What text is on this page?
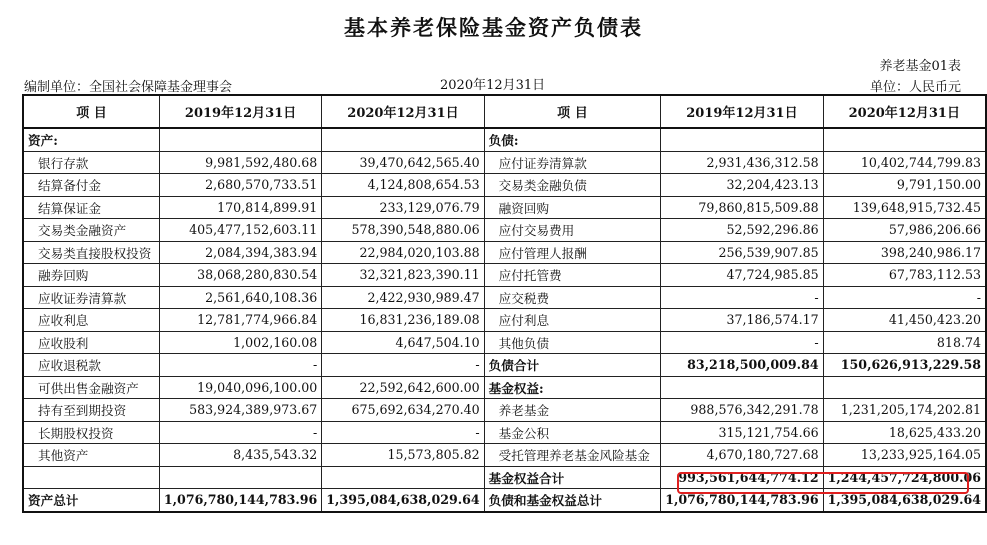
基本养老保险基金资产负债表
养老基金01表
编制单位：全国社会保障基金理事会	2020年12月31日	单位：人民币元
项 目	2019年12月31日	2020年12月31日	项 目	2019年12月31日	2020年12月31日
资产:			负债:		
银行存款	9,981,592,480.68	39,470,642,565.40	应付证券清算款	2,931,436,312.58	10,402,744,799.83
结算备付金	2,680,570,733.51	4,124,808,654.53	交易类金融负债	32,204,423.13	9,791,150.00
结算保证金	170,814,899.91	233,129,076.79	融资回购	79,860,815,509.88	139,648,915,732.45
交易类金融资产	405,477,152,603.11	578,390,548,880.06	应付交易费用	52,592,296.86	57,986,206.66
交易类直接股权投资	2,084,394,383.94	22,984,020,103.88	应付管理人报酬	256,539,907.85	398,240,986.17
融券回购	38,068,280,830.54	32,321,823,390.11	应付托管费	47,724,985.85	67,783,112.53
应收证券清算款	2,561,640,108.36	2,422,930,989.47	应交税费	-	-
应收利息	12,781,774,966.84	16,831,236,189.08	应付利息	37,186,574.17	41,450,423.20
应收股利	1,002,160.08	4,647,504.10	其他负债	-	818.74
应收退税款	-	-	负债合计	83,218,500,009.84	150,626,913,229.58
可供出售金融资产	19,040,096,100.00	22,592,642,600.00	基金权益:		
持有至到期投资	583,924,389,973.67	675,692,634,270.40	养老基金	988,576,342,291.78	1,231,205,174,202.81
长期股权投资	-	-	基金公积	315,121,754.66	18,625,433.20
其他资产	8,435,543.32	15,573,805.82	受托管理养老基金风险基金	4,670,180,727.68	13,233,925,164.05
			基金权益合计	993,561,644,774.12	1,244,457,724,800.06
资产总计	1,076,780,144,783.96	1,395,084,638,029.64	负债和基金权益总计	1,076,780,144,783.96	1,395,084,638,029.64
